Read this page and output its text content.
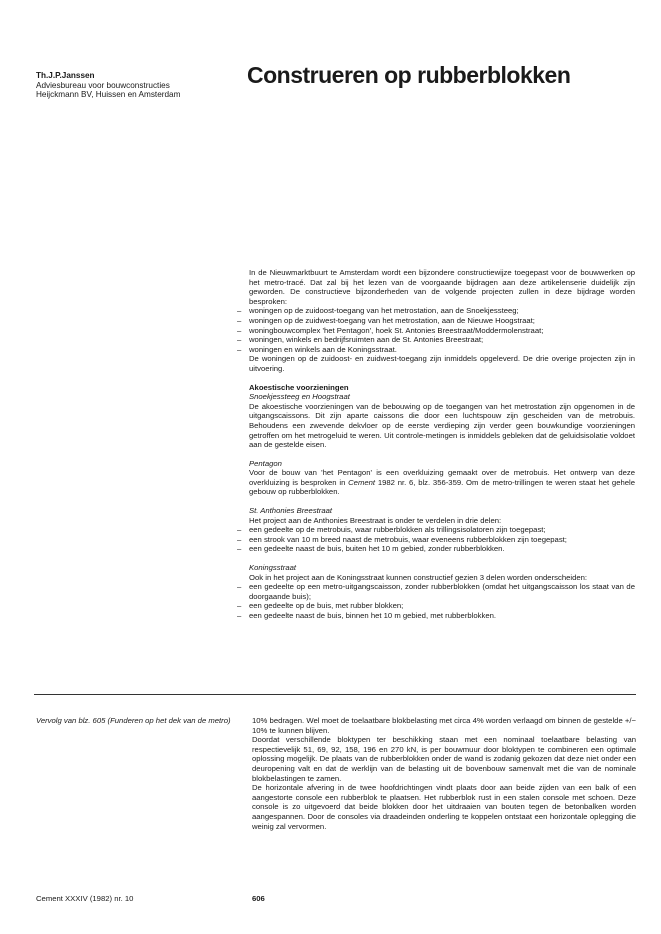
Th.J.P.Janssen
Adviesbureau voor bouwconstructies
Heijckmann BV, Huissen en Amsterdam
Construeren op rubberblokken

In de Nieuwmarktbuurt te Amsterdam wordt een bijzondere constructiewijze toegepast voor de bouwwerken op het metro-tracé. Dat zal bij het lezen van de voorgaande bijdragen aan deze artikelenserie duidelijk zijn geworden. De constructieve bijzonderheden van de volgende projecten zullen in deze bijdrage worden besproken:

– woningen op de zuidoost-toegang van het metrostation, aan de Snoekjessteeg;
– woningen op de zuidwest-toegang van het metrostation, aan de Nieuwe Hoogstraat;
– woningbouwcomplex 'het Pentagon', hoek St. Antonies Breestraat/Moddermolenstraat;
– woningen, winkels en bedrijfsruimten aan de St. Antonies Breestraat;
– woningen en winkels aan de Koningsstraat.

De woningen op de zuidoost- en zuidwest-toegang zijn inmiddels opgeleverd. De drie overige projecten zijn in uitvoering.

Akoestische voorzieningen
Snoekjessteeg en Hoogstraat

De akoestische voorzieningen van de bebouwing op de toegangen van het metrostation zijn opgenomen in de uitgangscaissons. Dit zijn aparte caissons die door een luchtspouw zijn gescheiden van de metrobuis. Behoudens een zwevende dekvloer op de eerste verdieping zijn verder geen bouwkundige voorzieningen getroffen om het metrogeluid te weren. Uit controle-metingen is inmiddels gebleken dat de geluidsisolatie voldoet aan de gestelde eisen.

Pentagon

Voor de bouw van 'het Pentagon' is een overkluizing gemaakt over de metrobuis. Het ontwerp van deze overkluizing is besproken in Cement 1982 nr. 6, blz. 356-359. Om de metro-trillingen te weren staat het gehele gebouw op rubberblokken.

St. Anthonies Breestraat

Het project aan de Anthonies Breestraat is onder te verdelen in drie delen:

– een gedeelte op de metrobuis, waar rubberblokken als trillingsisolatoren zijn toegepast;
– een strook van 10 m breed naast de metrobuis, waar eveneens rubberblokken zijn toegepast;
– een gedeelte naast de buis, buiten het 10 m gebied, zonder rubberblokken.
Koningsstraat

Ook in het project aan de Koningsstraat kunnen constructief gezien 3 delen worden onderscheiden:

– een gedeelte op een metro-uitgangscaisson, zonder rubberblokken (omdat het uitgangscaisson los staat van de doorgaande buis);
– een gedeelte op de buis, met rubber blokken;
– een gedeelte naast de buis, binnen het 10 m gebied, met rubberblokken.
Vervolg van blz. 605 (Funderen op het dek van de metro)	10% bedragen. Wel moet de toelaatbare blokbelasting met circa 4% worden verlaagd om binnen de gestelde +/− 10% te kunnen blijven.

Doordat verschillende bloktypen ter beschikking staan met een nominaal toelaatbare belasting van respectievelijk 51, 69, 92, 158, 196 en 270 kN, is per bouwmuur door bloktypen te combineren een optimale oplossing mogelijk. De plaats van de rubberblokken onder de wand is zodanig gekozen dat deze niet onder een deuropening valt en dat de werklijn van de belasting uit de bovenbouw samenvalt met die van de nominale blokbelastingen te zamen.

De horizontale afvering in de twee hoofdrichtingen vindt plaats door aan beide zijden van een balk of een aangestorte console een rubberblok te plaatsen. Het rubberblok rust in een stalen console met schoen. Deze console is zo uitgevoerd dat beide blokken door het uitdraaien van bouten tegen de betonbalken worden aangespannen. Door de consoles via draadeinden onderling te koppelen ontstaat een horizontale oplegging die weinig zal vervormen.

Cement XXXIV (1982) nr. 10	606
